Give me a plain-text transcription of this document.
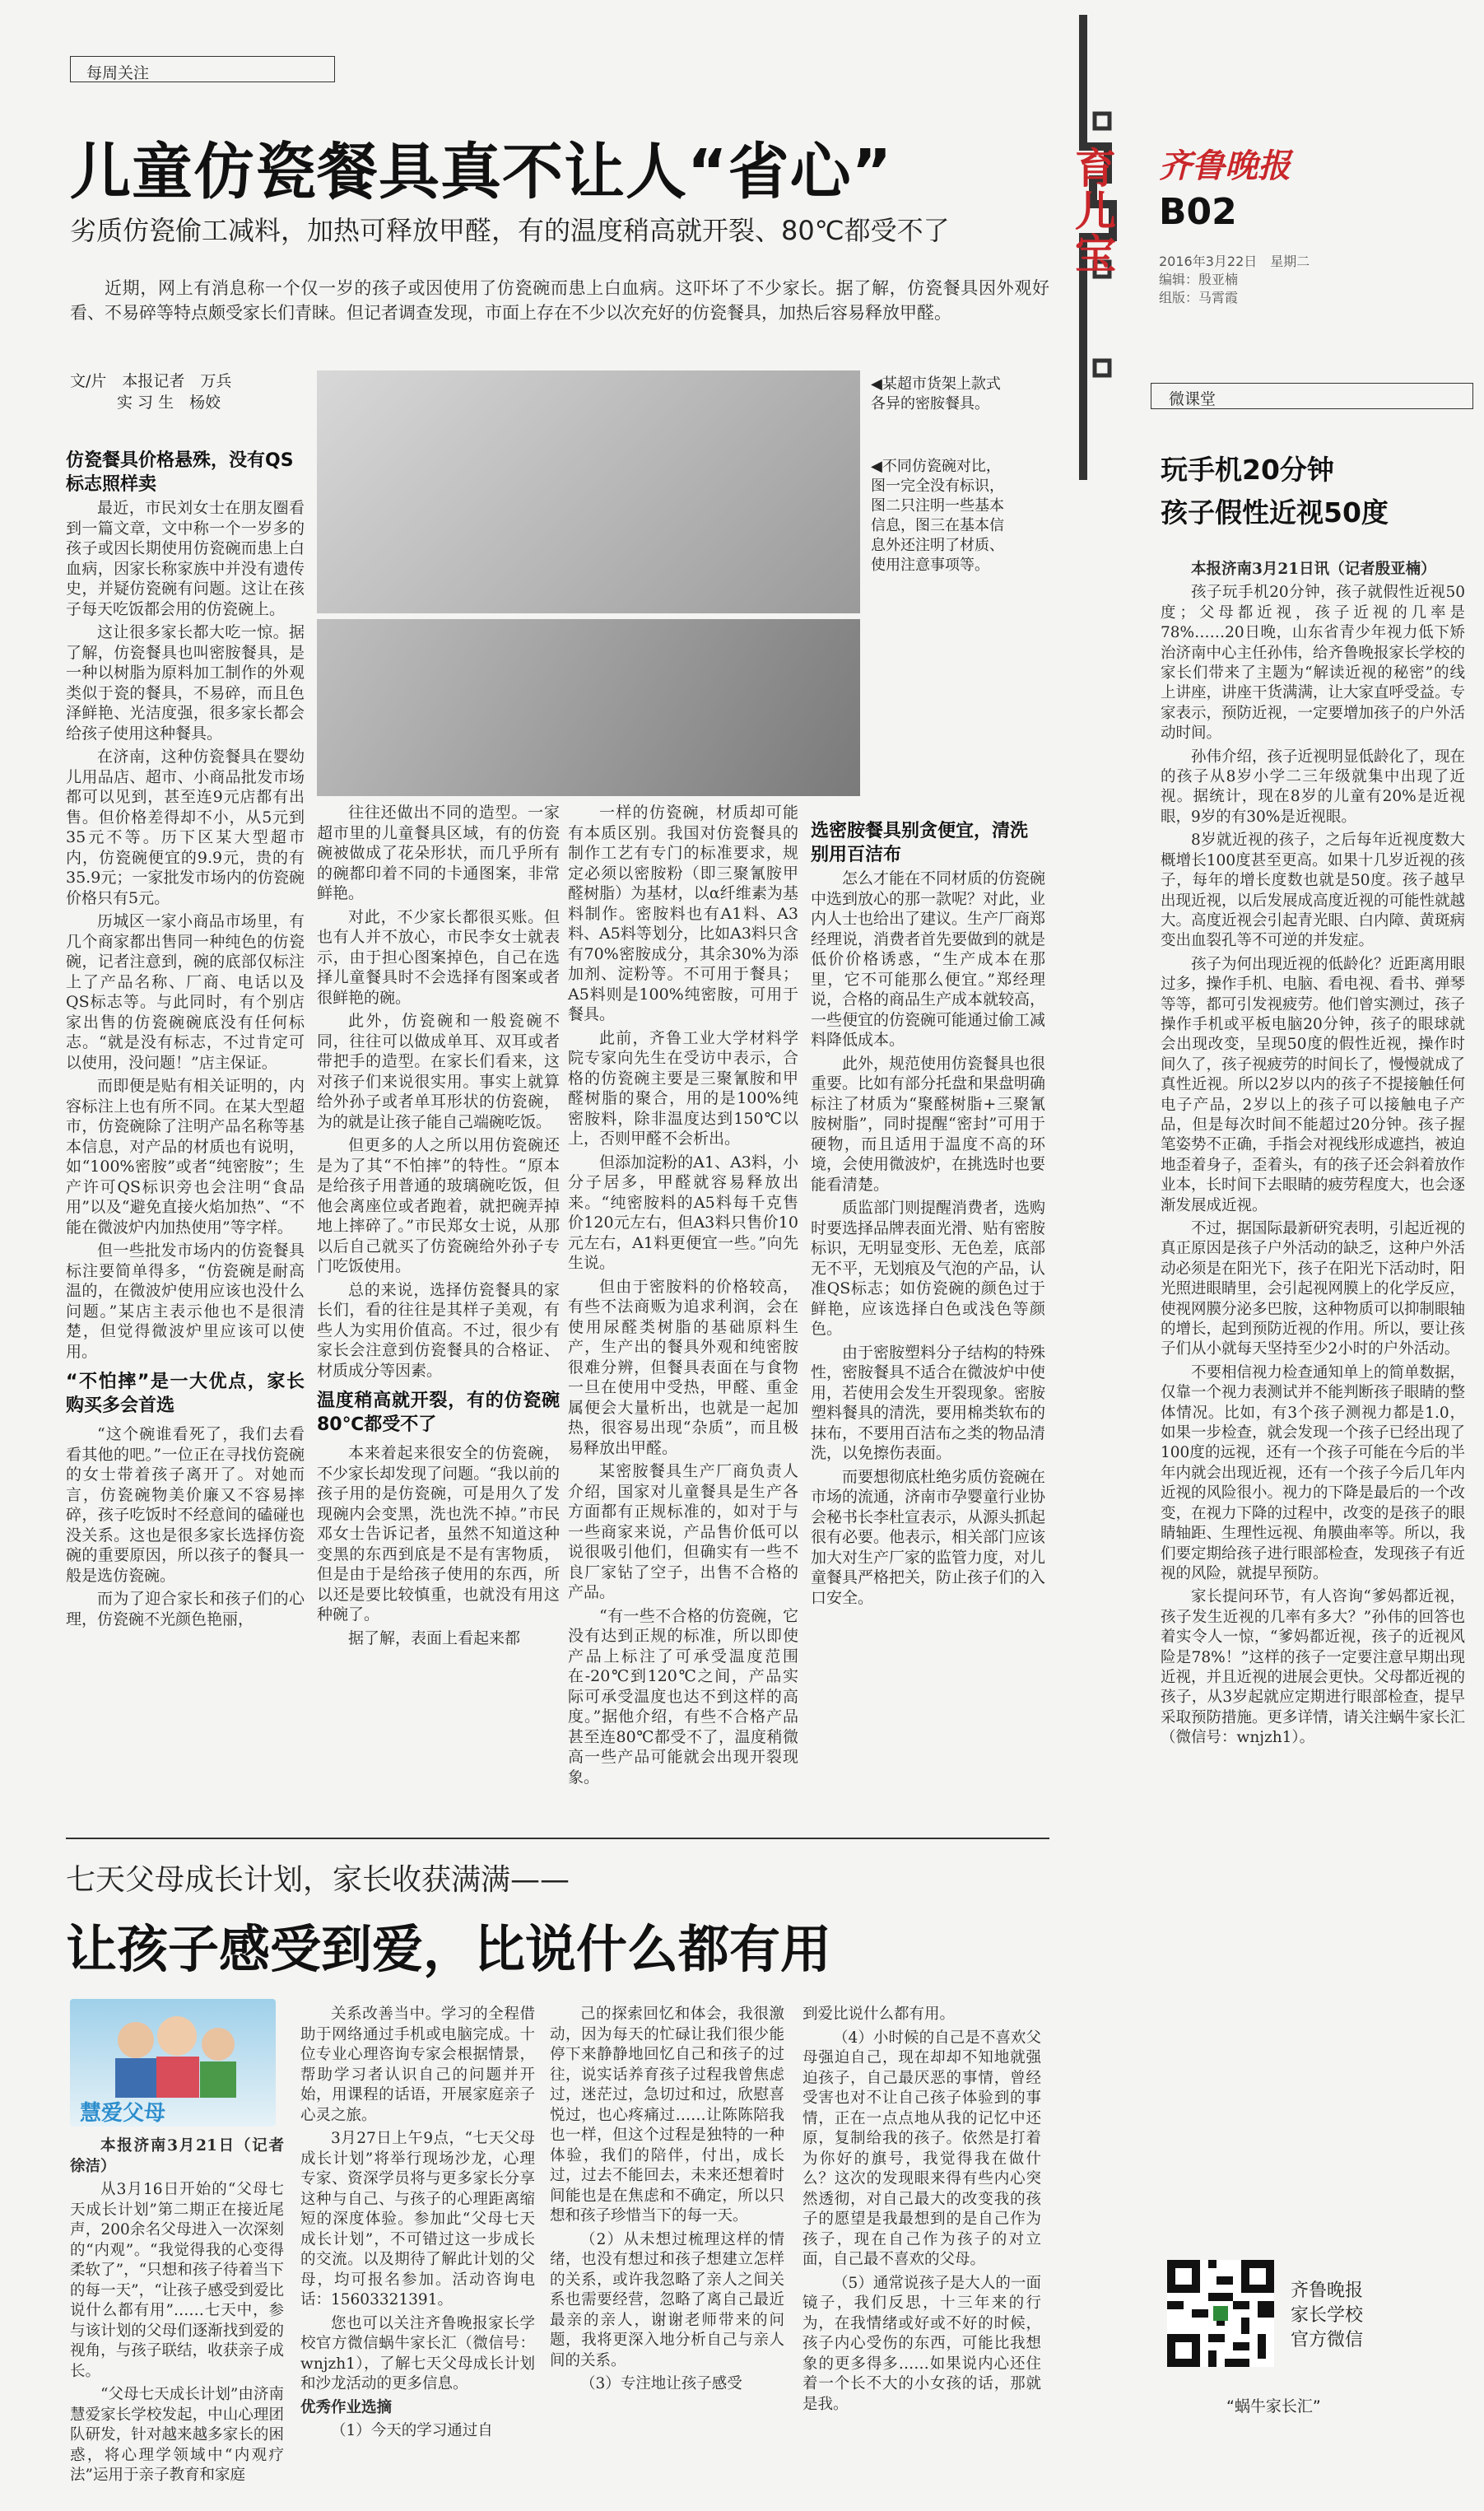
育儿宝 齐鲁晚报
B02
2016年3月22日　星期二
编辑：殷亚楠
组版：马霄霞
微课堂
玩手机20分钟
孩子假性近视50度

本报济南3月21日讯（记者殷亚楠）

孩子玩手机20分钟，孩子就假性近视50度；父母都近视，孩子近视的几率是78%……20日晚，山东省青少年视力低下矫治济南中心主任孙伟，给齐鲁晚报家长学校的家长们带来了主题为“解读近视的秘密”的线上讲座，讲座干货满满，让大家直呼受益。专家表示，预防近视，一定要增加孩子的户外活动时间。

孙伟介绍，孩子近视明显低龄化了，现在的孩子从8岁小学二三年级就集中出现了近视。据统计，现在8岁的儿童有20%是近视眼，9岁的有30%是近视眼。

8岁就近视的孩子，之后每年近视度数大概增长100度甚至更高。如果十几岁近视的孩子，每年的增长度数也就是50度。孩子越早出现近视，以后发展成高度近视的可能性就越大。高度近视会引起青光眼、白内障、黄斑病变出血裂孔等不可逆的并发症。

孩子为何出现近视的低龄化？近距离用眼过多，操作手机、电脑、看电视、看书、弹琴等等，都可引发视疲劳。他们曾实测过，孩子操作手机或平板电脑20分钟，孩子的眼球就会出现改变，呈现50度的假性近视，操作时间久了，孩子视疲劳的时间长了，慢慢就成了真性近视。所以2岁以内的孩子不提接触任何电子产品，2岁以上的孩子可以接触电子产品，但是每次时间不能超过20分钟。孩子握笔姿势不正确，手指会对视线形成遮挡，被迫地歪着身子，歪着头，有的孩子还会斜着放作业本，长时间下去眼睛的疲劳程度大，也会逐渐发展成近视。

不过，据国际最新研究表明，引起近视的真正原因是孩子户外活动的缺乏，这种户外活动必须是在阳光下，孩子在阳光下活动时，阳光照进眼睛里，会引起视网膜上的化学反应，使视网膜分泌多巴胺，这种物质可以抑制眼轴的增长，起到预防近视的作用。所以，要让孩子们从小就每天坚持至少2小时的户外活动。

不要相信视力检查通知单上的简单数据，仅靠一个视力表测试并不能判断孩子眼睛的整体情况。比如，有3个孩子测视力都是1.0，如果一步检查，就会发现一个孩子已经出现了100度的远视，还有一个孩子可能在今后的半年内就会出现近视，还有一个孩子今后几年内近视的风险很小。视力的下降是最后的一个改变，在视力下降的过程中，改变的是孩子的眼睛轴距、生理性远视、角膜曲率等。所以，我们要定期给孩子进行眼部检查，发现孩子有近视的风险，就提早预防。

家长提问环节，有人咨询“爹妈都近视，孩子发生近视的几率有多大？”孙伟的回答也着实令人一惊，“爹妈都近视，孩子的近视风险是78%！”这样的孩子一定要注意早期出现近视，并且近视的进展会更快。父母都近视的孩子，从3岁起就应定期进行眼部检查，提早采取预防措施。更多详情，请关注蜗牛家长汇（微信号：wnjzh1）。

齐鲁晚报
家长学校
官方微信
“蜗牛家长汇”
每周关注
儿童仿瓷餐具真不让人“省心”
劣质仿瓷偷工减料，加热可释放甲醛，有的温度稍高就开裂、80℃都受不了

近期，网上有消息称一个仅一岁的孩子或因使用了仿瓷碗而患上白血病。这吓坏了不少家长。据了解，仿瓷餐具因外观好看、不易碎等特点颇受家长们青睐。但记者调查发现，市面上存在不少以次充好的仿瓷餐具，加热后容易释放甲醛。

文/片　本报记者　万兵
　　　实 习 生　杨姣
◀某超市货架上款式各异的密胺餐具。
◀不同仿瓷碗对比，图一完全没有标识，图二只注明一些基本信息，图三在基本信息外还注明了材质、使用注意事项等。
仿瓷餐具价格悬殊，没有QS标志照样卖

最近，市民刘女士在朋友圈看到一篇文章，文中称一个一岁多的孩子或因长期使用仿瓷碗而患上白血病，因家长称家族中并没有遗传史，并疑仿瓷碗有问题。这让在孩子每天吃饭都会用的仿瓷碗上。

这让很多家长都大吃一惊。据了解，仿瓷餐具也叫密胺餐具，是一种以树脂为原料加工制作的外观类似于瓷的餐具，不易碎，而且色泽鲜艳、光洁度强，很多家长都会给孩子使用这种餐具。

在济南，这种仿瓷餐具在婴幼儿用品店、超市、小商品批发市场都可以见到，甚至连9元店都有出售。但价格差得却不小，从5元到35元不等。历下区某大型超市内，仿瓷碗便宜的9.9元，贵的有35.9元；一家批发市场内的仿瓷碗价格只有5元。

历城区一家小商品市场里，有几个商家都出售同一种纯色的仿瓷碗，记者注意到，碗的底部仅标注上了产品名称、厂商、电话以及QS标志等。与此同时，有个别店家出售的仿瓷碗碗底没有任何标志。“就是没有标志，不过肯定可以使用，没问题！”店主保证。

而即便是贴有相关证明的，内容标注上也有所不同。在某大型超市，仿瓷碗除了注明产品名称等基本信息，对产品的材质也有说明，如“100%密胺”或者“纯密胺”；生产许可QS标识旁也会注明“食品用”以及“避免直接火焰加热”、“不能在微波炉内加热使用”等字样。

但一些批发市场内的仿瓷餐具标注要简单得多，“仿瓷碗是耐高温的，在微波炉使用应该也没什么问题。”某店主表示他也不是很清楚，但觉得微波炉里应该可以使用。

“不怕摔”是一大优点，家长购买多会首选

“这个碗谁看死了，我们去看看其他的吧。”一位正在寻找仿瓷碗的女士带着孩子离开了。对她而言，仿瓷碗物美价廉又不容易摔碎，孩子吃饭时不经意间的磕碰也没关系。这也是很多家长选择仿瓷碗的重要原因，所以孩子的餐具一般是选仿瓷碗。

而为了迎合家长和孩子们的心理，仿瓷碗不光颜色艳丽，

往往还做出不同的造型。一家超市里的儿童餐具区域，有的仿瓷碗被做成了花朵形状，而几乎所有的碗都印着不同的卡通图案，非常鲜艳。

对此，不少家长都很买账。但也有人并不放心，市民李女士就表示，由于担心图案掉色，自己在选择儿童餐具时不会选择有图案或者很鲜艳的碗。

此外，仿瓷碗和一般瓷碗不同，往往可以做成单耳、双耳或者带把手的造型。在家长们看来，这对孩子们来说很实用。事实上就算给外孙子或者单耳形状的仿瓷碗，为的就是让孩子能自己端碗吃饭。

但更多的人之所以用仿瓷碗还是为了其“不怕摔”的特性。“原本是给孩子用普通的玻璃碗吃饭，但他会离座位或者跑着，就把碗弄掉地上摔碎了。”市民郑女士说，从那以后自己就买了仿瓷碗给外孙子专门吃饭使用。

总的来说，选择仿瓷餐具的家长们，看的往往是其样子美观，有些人为实用价值高。不过，很少有家长会注意到仿瓷餐具的合格证、材质成分等因素。

温度稍高就开裂，有的仿瓷碗80℃都受不了

本来着起来很安全的仿瓷碗，不少家长却发现了问题。“我以前的孩子用的是仿瓷碗，可是用久了发现碗内会变黑，洗也洗不掉。”市民邓女士告诉记者，虽然不知道这种变黑的东西到底是不是有害物质，但是由于是给孩子使用的东西，所以还是要比较慎重，也就没有用这种碗了。

据了解，表面上看起来都

一样的仿瓷碗，材质却可能有本质区别。我国对仿瓷餐具的制作工艺有专门的标准要求，规定必须以密胺粉（即三聚氰胺甲醛树脂）为基材，以α纤维素为基料制作。密胺料也有A1料、A3料、A5料等划分，比如A3料只含有70%密胺成分，其余30%为添加剂、淀粉等。不可用于餐具；A5料则是100%纯密胺，可用于餐具。

此前，齐鲁工业大学材料学院专家向先生在受访中表示，合格的仿瓷碗主要是三聚氰胺和甲醛树脂的聚合，用的是100%纯密胺料，除非温度达到150℃以上，否则甲醛不会析出。

但添加淀粉的A1、A3料，小分子居多，甲醛就容易释放出来。“纯密胺料的A5料每千克售价120元左右，但A3料只售价10元左右，A1料更便宜一些。”向先生说。

但由于密胺料的价格较高，有些不法商贩为追求利润，会在使用尿醛类树脂的基础原料生产，生产出的餐具外观和纯密胺很难分辨，但餐具表面在与食物一旦在使用中受热，甲醛、重金属便会大量析出，也就是一起加热，很容易出现“杂质”，而且极易释放出甲醛。

某密胺餐具生产厂商负责人介绍，国家对儿童餐具是生产各方面都有正规标准的，如对于与一些商家来说，产品售价低可以说很吸引他们，但确实有一些不良厂家钻了空子，出售不合格的产品。

“有一些不合格的仿瓷碗，它没有达到正规的标准，所以即使产品上标注了可承受温度范围在-20℃到120℃之间，产品实际可承受温度也达不到这样的高度。”据他介绍，有些不合格产品甚至连80℃都受不了，温度稍微高一些产品可能就会出现开裂现象。

选密胺餐具别贪便宜，清洗别用百洁布

怎么才能在不同材质的仿瓷碗中选到放心的那一款呢？对此，业内人士也给出了建议。生产厂商郑经理说，消费者首先要做到的就是低价价格诱惑，“生产成本在那里，它不可能那么便宜。”郑经理说，合格的商品生产成本就较高，一些便宜的仿瓷碗可能通过偷工减料降低成本。

此外，规范使用仿瓷餐具也很重要。比如有部分托盘和果盘明确标注了材质为“聚醛树脂+三聚氰胺树脂”，同时提醒“密封”可用于硬物，而且适用于温度不高的环境，会使用微波炉，在挑选时也要能看清楚。

质监部门则提醒消费者，选购时要选择品牌表面光滑、贴有密胺标识，无明显变形、无色差，底部无不平，无划痕及气泡的产品，认准QS标志；如仿瓷碗的颜色过于鲜艳，应该选择白色或浅色等颜色。

由于密胺塑料分子结构的特殊性，密胺餐具不适合在微波炉中使用，若使用会发生开裂现象。密胺塑料餐具的清洗，要用棉类软布的抹布，不要用百洁布之类的物品清洗，以免擦伤表面。

而要想彻底杜绝劣质仿瓷碗在市场的流通，济南市孕婴童行业协会秘书长李杜宣表示，从源头抓起很有必要。他表示，相关部门应该加大对生产厂家的监管力度，对儿童餐具严格把关，防止孩子们的入口安全。

七天父母成长计划，家长收获满满——
让孩子感受到爱，比说什么都有用
慧爱父母

本报济南3月21日（记者徐洁）

从3月16日开始的“父母七天成长计划”第二期正在接近尾声，200余名父母进入一次深刻的“内观”。“我觉得我的心变得柔软了”，“只想和孩子待着当下的每一天”，“让孩子感受到爱比说什么都有用”……七天中，参与该计划的父母们逐渐找到爱的视角，与孩子联结，收获亲子成长。

“父母七天成长计划”由济南慧爱家长学校发起，中山心理团队研发，针对越来越多家长的困惑，将心理学领域中“内观疗法”运用于亲子教育和家庭

关系改善当中。学习的全程借助于网络通过手机或电脑完成。十位专业心理咨询专家会根据情景，帮助学习者认识自己的问题并开始，用课程的话语，开展家庭亲子心灵之旅。

3月27日上午9点，“七天父母成长计划”将举行现场沙龙，心理专家、资深学员将与更多家长分享这种与自己、与孩子的心理距离缩短的深度体验。参加此“父母七天成长计划”，不可错过这一步成长的交流。以及期待了解此计划的父母，均可报名参加。活动咨询电话：15603321391。

您也可以关注齐鲁晚报家长学校官方微信蜗牛家长汇（微信号：wnjzh1），了解七天父母成长计划和沙龙活动的更多信息。

优秀作业选摘

（1）今天的学习通过自

己的探索回忆和体会，我很激动，因为每天的忙碌让我们很少能停下来静静地回忆自己和孩子的过往，说实话养育孩子过程我曾焦虑过，迷茫过，急切过和过，欣慰喜悦过，也心疼痛过……让陈陈陪我也一样，但这个过程是独特的一种体验，我们的陪伴，付出，成长过，过去不能回去，未来还想着时间能也是在焦虑和不确定，所以只想和孩子珍惜当下的每一天。

（2）从未想过梳理这样的情绪，也没有想过和孩子想建立怎样的关系，或许我忽略了亲人之间关系也需要经营，忽略了离自己最近最亲的亲人，谢谢老师带来的问题，我将更深入地分析自己与亲人间的关系。

（3）专注地让孩子感受

到爱比说什么都有用。

（4）小时候的自己是不喜欢父母强迫自己，现在却却不知地就强迫孩子，自己最厌恶的事情，曾经受害也对不让自己孩子体验到的事情，正在一点点地从我的记忆中还原，复制给我的孩子。依然是打着为你好的旗号，我觉得我在做什么？这次的发现眼来得有些内心突然透彻，对自己最大的改变我的孩子的愿望是我最想到的是自己作为孩子，现在自己作为孩子的对立面，自己最不喜欢的父母。

（5）通常说孩子是大人的一面镜子，我们反思，十三年来的行为，在我情绪或好或不好的时候，孩子内心受伤的东西，可能比我想象的更多得多……如果说内心还住着一个长不大的小女孩的话，那就是我。
